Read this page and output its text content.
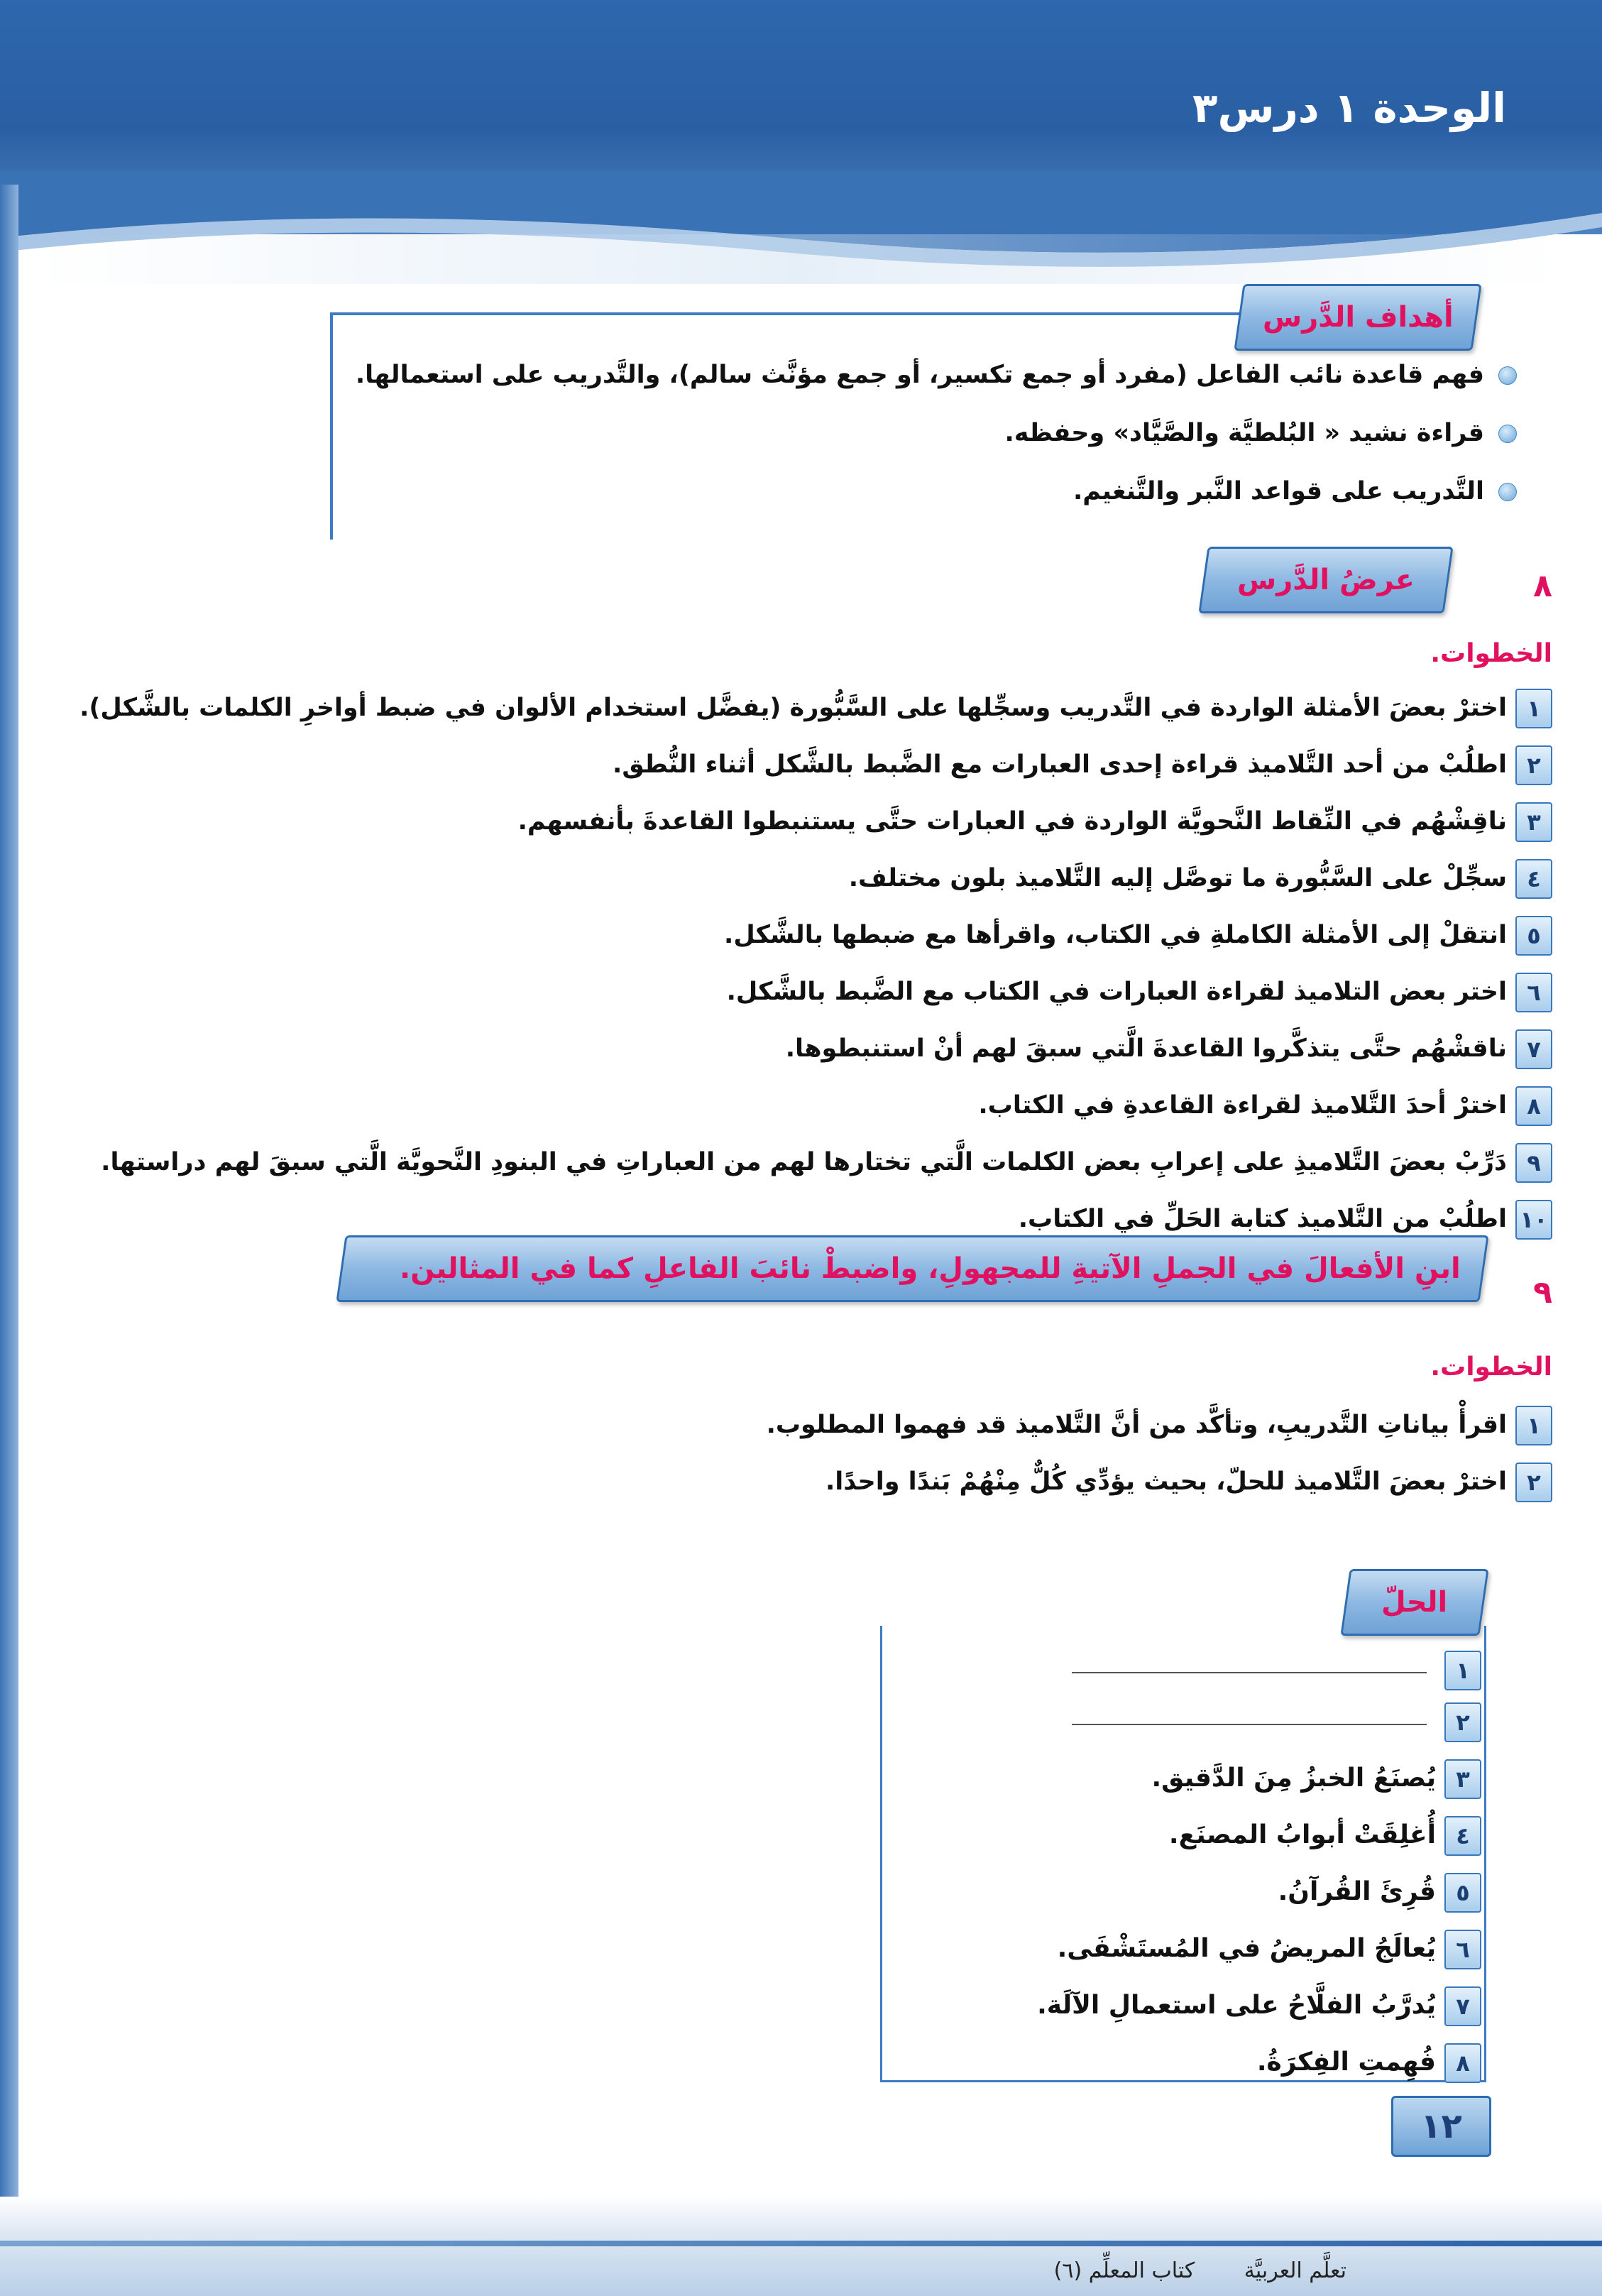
الوحدة ١ درس٣
أهداف الدَّرس
فهم قاعدة نائب الفاعل (مفرد أو جمع تكسير، أو جمع مؤنَّث سالم)، والتَّدريب على استعمالها.
قراءة نشيد « البُلطيَّة والصَّيَّاد» وحفظه.
التَّدريب على قواعد النَّبر والتَّنغيم.
٨
عرضُ الدَّرس
الخطوات.
١اخترْ بعضَ الأمثلة الواردة في التَّدريب وسجِّلها على السَّبُّورة (يفضَّل استخدام الألوان في ضبط أواخرِ الكلمات بالشَّكل).
٢اطلُبْ من أحد التَّلاميذ قراءة إحدى العبارات مع الضَّبط بالشَّكل أثناء النُّطق.
٣ناقِشْهُم في النِّقاط النَّحويَّة الواردة في العبارات حتَّى يستنبطوا القاعدةَ بأنفسهم.
٤سجِّلْ على السَّبُّورة ما توصَّل إليه التَّلاميذ بلون مختلف.
٥انتقلْ إلى الأمثلة الكاملةِ في الكتاب، واقرأها مع ضبطها بالشَّكل.
٦اختر بعض التلاميذ لقراءة العبارات في الكتاب مع الضَّبط بالشَّكل.
٧ناقشْهُم حتَّى يتذكَّروا القاعدةَ الَّتي سبقَ لهم أنْ استنبطوها.
٨اخترْ أحدَ التَّلاميذ لقراءة القاعدةِ في الكتاب.
٩دَرِّبْ بعضَ التَّلاميذِ على إعرابِ بعض الكلمات الَّتي تختارها لهم من العباراتِ في البنودِ النَّحويَّة الَّتي سبقَ لهم دراستها.
١٠اطلُبْ من التَّلاميذ كتابة الحَلِّ في الكتاب.
٩
ابنِ الأفعالَ في الجملِ الآتيةِ للمجهولِ، واضبطْ نائبَ الفاعلِ كما في المثالين.
الخطوات.
١اقرأْ بياناتِ التَّدريبِ، وتأكَّد من أنَّ التَّلاميذ قد فهموا المطلوب.
٢اخترْ بعضَ التَّلاميذ للحلّ، بحيث يؤدِّي كُلٌّ مِنْهُمْ بَندًا واحدًا.
الحلّ
١
٢
٣يُصنَعُ الخبزُ مِنَ الدَّقيق.
٤أُغلِقَتْ أبوابُ المصنَع.
٥قُرِئَ القُرآنُ.
٦يُعالَجُ المريضُ في المُستَشْفَى.
٧يُدرَّبُ الفلَّاحُ على استعمالِ الآلَة.
٨فُهِمتِ الفِكرَةُ.
١٢
تعلَّم العربيَّة كتاب المعلِّم (٦)
